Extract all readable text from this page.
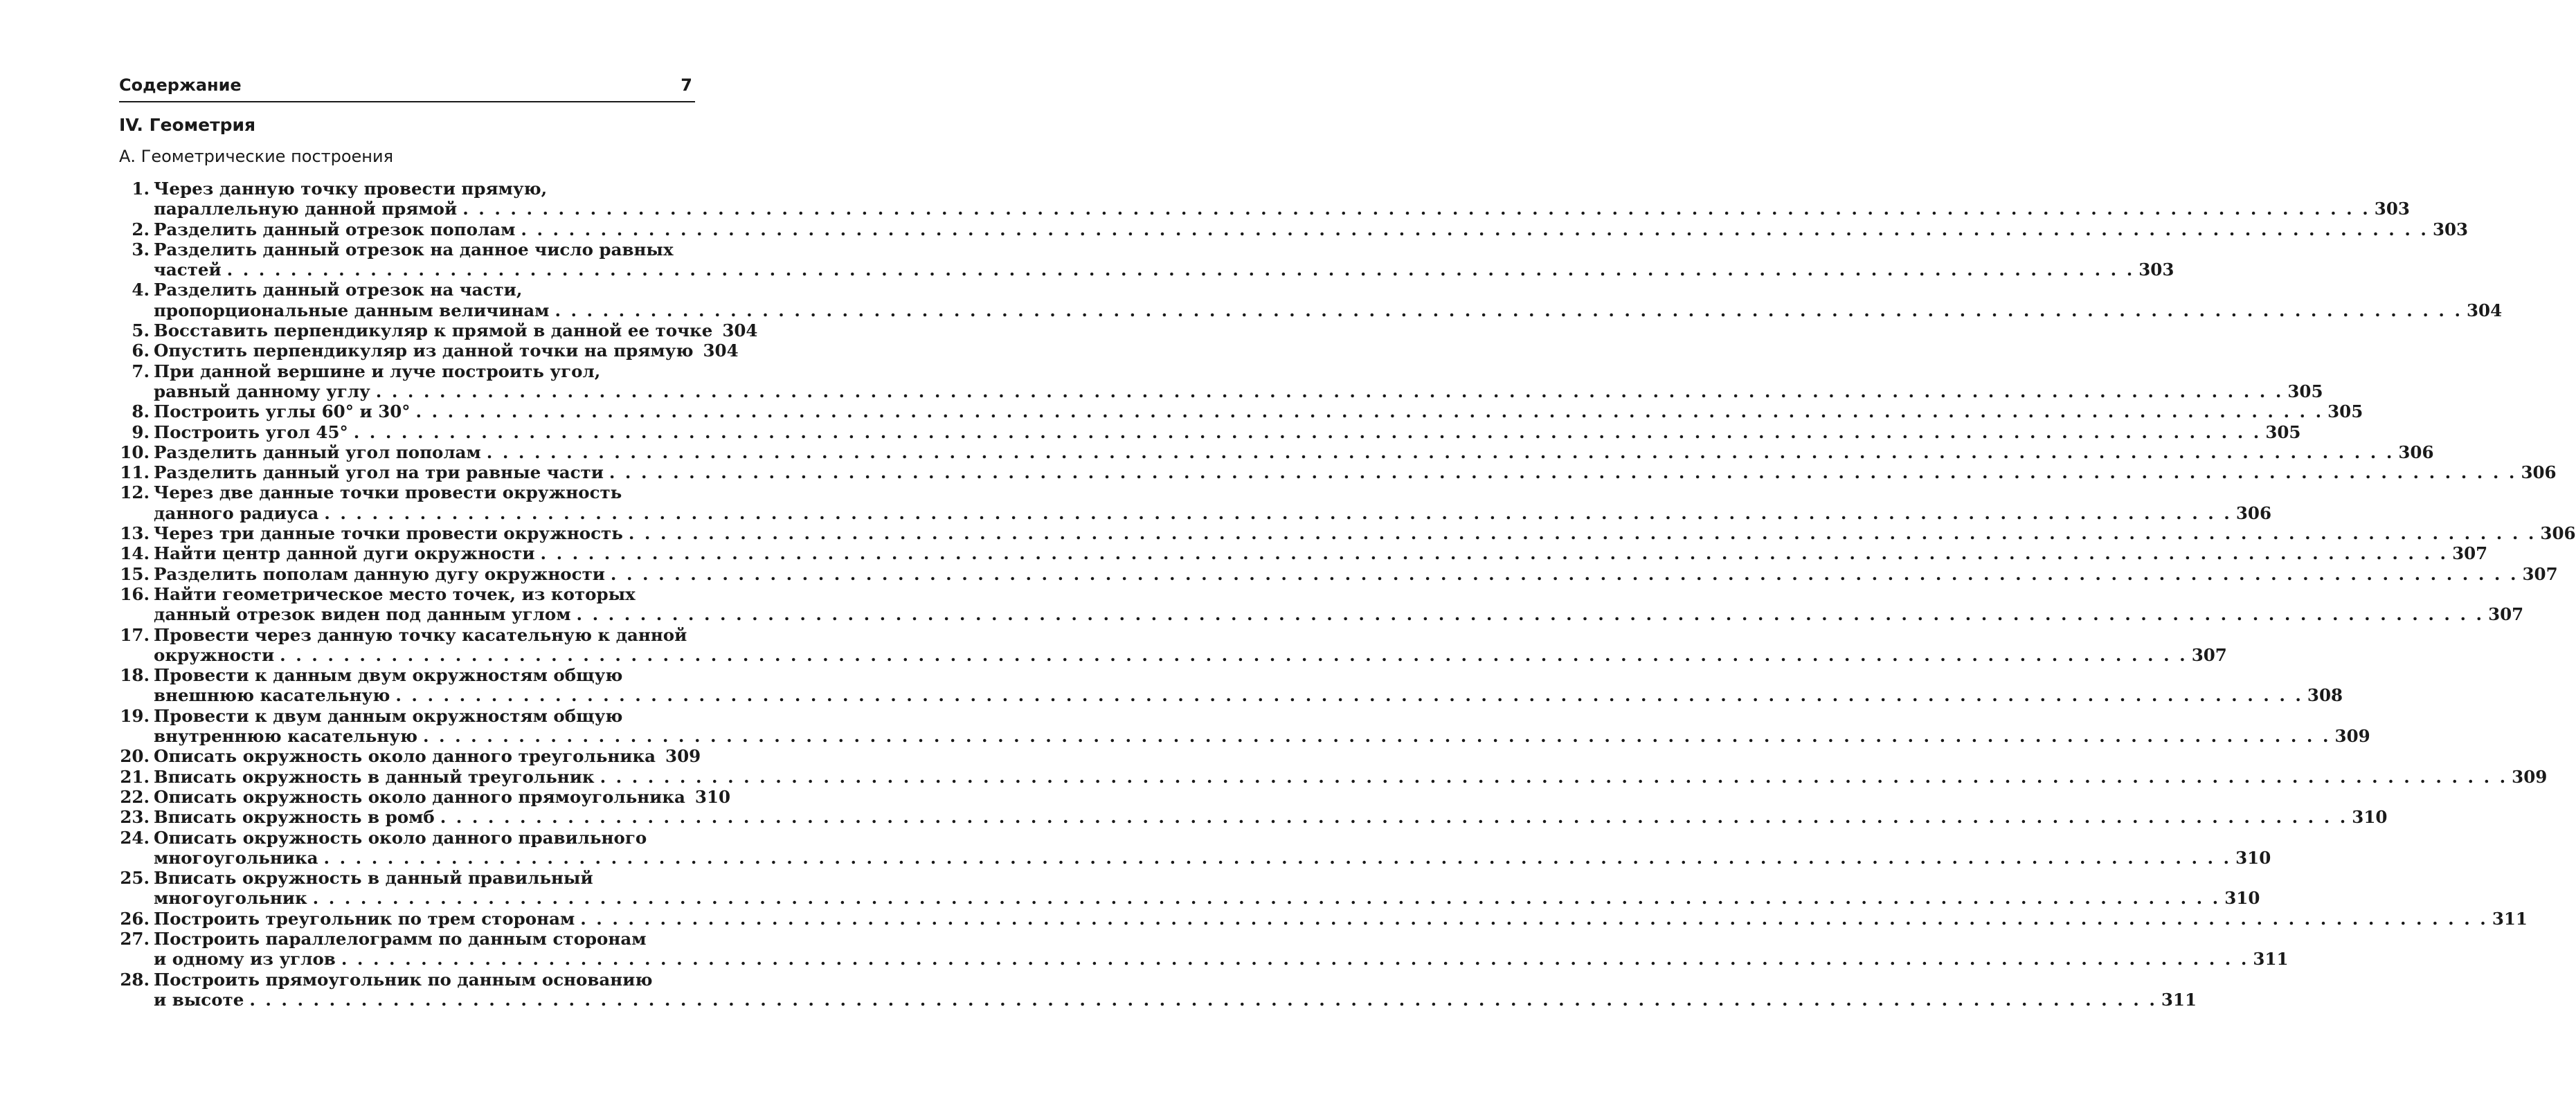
Содержание	7
IV. Геометрия
А. Геометрические построения
1. Через данную точку провести прямую,
параллельную данной прямой . . . . . . . . . . . . . . . . . . . . . . . . . . . . . . . . . . . . . . . . . . . . . . . . . . . . . . . . . . . . . . . . . . . . . . . . . . . . . . . . . . . . . . . . . . . . . . . . . . . . . . . . . . . . . . . . . . . . . . . . 303
2. Разделить данный отрезок пополам . . . . . . . . . . . . . . . . . . . . . . . . . . . . . . . . . . . . . . . . . . . . . . . . . . . . . . . . . . . . . . . . . . . . . . . . . . . . . . . . . . . . . . . . . . . . . . . . . . . . . . . . . . . . . . . . . . . . . . . . 303
3. Разделить данный отрезок на данное число равных
частей . . . . . . . . . . . . . . . . . . . . . . . . . . . . . . . . . . . . . . . . . . . . . . . . . . . . . . . . . . . . . . . . . . . . . . . . . . . . . . . . . . . . . . . . . . . . . . . . . . . . . . . . . . . . . . . . . . . . . . . . 303
4. Разделить данный отрезок на части,
пропорциональные данным величинам . . . . . . . . . . . . . . . . . . . . . . . . . . . . . . . . . . . . . . . . . . . . . . . . . . . . . . . . . . . . . . . . . . . . . . . . . . . . . . . . . . . . . . . . . . . . . . . . . . . . . . . . . . . . . . . . . . . . . . . . 304
5. Восставить перпендикуляр к прямой в данной ее точке 304
6. Опустить перпендикуляр из данной точки на прямую 304
7. При данной вершине и луче построить угол,
равный данному углу . . . . . . . . . . . . . . . . . . . . . . . . . . . . . . . . . . . . . . . . . . . . . . . . . . . . . . . . . . . . . . . . . . . . . . . . . . . . . . . . . . . . . . . . . . . . . . . . . . . . . . . . . . . . . . . . . . . . . . . . 305
8. Построить углы 60° и 30° . . . . . . . . . . . . . . . . . . . . . . . . . . . . . . . . . . . . . . . . . . . . . . . . . . . . . . . . . . . . . . . . . . . . . . . . . . . . . . . . . . . . . . . . . . . . . . . . . . . . . . . . . . . . . . . . . . . . . . . . 305
9. Построить угол 45° . . . . . . . . . . . . . . . . . . . . . . . . . . . . . . . . . . . . . . . . . . . . . . . . . . . . . . . . . . . . . . . . . . . . . . . . . . . . . . . . . . . . . . . . . . . . . . . . . . . . . . . . . . . . . . . . . . . . . . . . 305
10. Разделить данный угол пополам . . . . . . . . . . . . . . . . . . . . . . . . . . . . . . . . . . . . . . . . . . . . . . . . . . . . . . . . . . . . . . . . . . . . . . . . . . . . . . . . . . . . . . . . . . . . . . . . . . . . . . . . . . . . . . . . . . . . . . . . 306
11. Разделить данный угол на три равные части . . . . . . . . . . . . . . . . . . . . . . . . . . . . . . . . . . . . . . . . . . . . . . . . . . . . . . . . . . . . . . . . . . . . . . . . . . . . . . . . . . . . . . . . . . . . . . . . . . . . . . . . . . . . . . . . . . . . . . . . 306
12. Через две данные точки провести окружность
данного радиуса . . . . . . . . . . . . . . . . . . . . . . . . . . . . . . . . . . . . . . . . . . . . . . . . . . . . . . . . . . . . . . . . . . . . . . . . . . . . . . . . . . . . . . . . . . . . . . . . . . . . . . . . . . . . . . . . . . . . . . . . 306
13. Через три данные точки провести окружность . . . . . . . . . . . . . . . . . . . . . . . . . . . . . . . . . . . . . . . . . . . . . . . . . . . . . . . . . . . . . . . . . . . . . . . . . . . . . . . . . . . . . . . . . . . . . . . . . . . . . . . . . . . . . . . . . . . . . . . . 306
14. Найти центр данной дуги окружности . . . . . . . . . . . . . . . . . . . . . . . . . . . . . . . . . . . . . . . . . . . . . . . . . . . . . . . . . . . . . . . . . . . . . . . . . . . . . . . . . . . . . . . . . . . . . . . . . . . . . . . . . . . . . . . . . . . . . . . . 307
15. Разделить пополам данную дугу окружности . . . . . . . . . . . . . . . . . . . . . . . . . . . . . . . . . . . . . . . . . . . . . . . . . . . . . . . . . . . . . . . . . . . . . . . . . . . . . . . . . . . . . . . . . . . . . . . . . . . . . . . . . . . . . . . . . . . . . . . . 307
16. Найти геометрическое место точек, из которых
данный отрезок виден под данным углом . . . . . . . . . . . . . . . . . . . . . . . . . . . . . . . . . . . . . . . . . . . . . . . . . . . . . . . . . . . . . . . . . . . . . . . . . . . . . . . . . . . . . . . . . . . . . . . . . . . . . . . . . . . . . . . . . . . . . . . . 307
17. Провести через данную точку касательную к данной
окружности . . . . . . . . . . . . . . . . . . . . . . . . . . . . . . . . . . . . . . . . . . . . . . . . . . . . . . . . . . . . . . . . . . . . . . . . . . . . . . . . . . . . . . . . . . . . . . . . . . . . . . . . . . . . . . . . . . . . . . . . 307
18. Провести к данным двум окружностям общую
внешнюю касательную . . . . . . . . . . . . . . . . . . . . . . . . . . . . . . . . . . . . . . . . . . . . . . . . . . . . . . . . . . . . . . . . . . . . . . . . . . . . . . . . . . . . . . . . . . . . . . . . . . . . . . . . . . . . . . . . . . . . . . . . 308
19. Провести к двум данным окружностям общую
внутреннюю касательную . . . . . . . . . . . . . . . . . . . . . . . . . . . . . . . . . . . . . . . . . . . . . . . . . . . . . . . . . . . . . . . . . . . . . . . . . . . . . . . . . . . . . . . . . . . . . . . . . . . . . . . . . . . . . . . . . . . . . . . . 309
20. Описать окружность около данного треугольника 309
21. Вписать окружность в данный треугольник . . . . . . . . . . . . . . . . . . . . . . . . . . . . . . . . . . . . . . . . . . . . . . . . . . . . . . . . . . . . . . . . . . . . . . . . . . . . . . . . . . . . . . . . . . . . . . . . . . . . . . . . . . . . . . . . . . . . . . . . 309
22. Описать окружность около данного прямоугольника 310
23. Вписать окружность в ромб . . . . . . . . . . . . . . . . . . . . . . . . . . . . . . . . . . . . . . . . . . . . . . . . . . . . . . . . . . . . . . . . . . . . . . . . . . . . . . . . . . . . . . . . . . . . . . . . . . . . . . . . . . . . . . . . . . . . . . . . 310
24. Описать окружность около данного правильного
многоугольника . . . . . . . . . . . . . . . . . . . . . . . . . . . . . . . . . . . . . . . . . . . . . . . . . . . . . . . . . . . . . . . . . . . . . . . . . . . . . . . . . . . . . . . . . . . . . . . . . . . . . . . . . . . . . . . . . . . . . . . . 310
25. Вписать окружность в данный правильный
многоугольник . . . . . . . . . . . . . . . . . . . . . . . . . . . . . . . . . . . . . . . . . . . . . . . . . . . . . . . . . . . . . . . . . . . . . . . . . . . . . . . . . . . . . . . . . . . . . . . . . . . . . . . . . . . . . . . . . . . . . . . . 310
26. Построить треугольник по трем сторонам . . . . . . . . . . . . . . . . . . . . . . . . . . . . . . . . . . . . . . . . . . . . . . . . . . . . . . . . . . . . . . . . . . . . . . . . . . . . . . . . . . . . . . . . . . . . . . . . . . . . . . . . . . . . . . . . . . . . . . . . 311
27. Построить параллелограмм по данным сторонам
и одному из углов . . . . . . . . . . . . . . . . . . . . . . . . . . . . . . . . . . . . . . . . . . . . . . . . . . . . . . . . . . . . . . . . . . . . . . . . . . . . . . . . . . . . . . . . . . . . . . . . . . . . . . . . . . . . . . . . . . . . . . . . 311
28. Построить прямоугольник по данным основанию
и высоте . . . . . . . . . . . . . . . . . . . . . . . . . . . . . . . . . . . . . . . . . . . . . . . . . . . . . . . . . . . . . . . . . . . . . . . . . . . . . . . . . . . . . . . . . . . . . . . . . . . . . . . . . . . . . . . . . . . . . . . . 311
